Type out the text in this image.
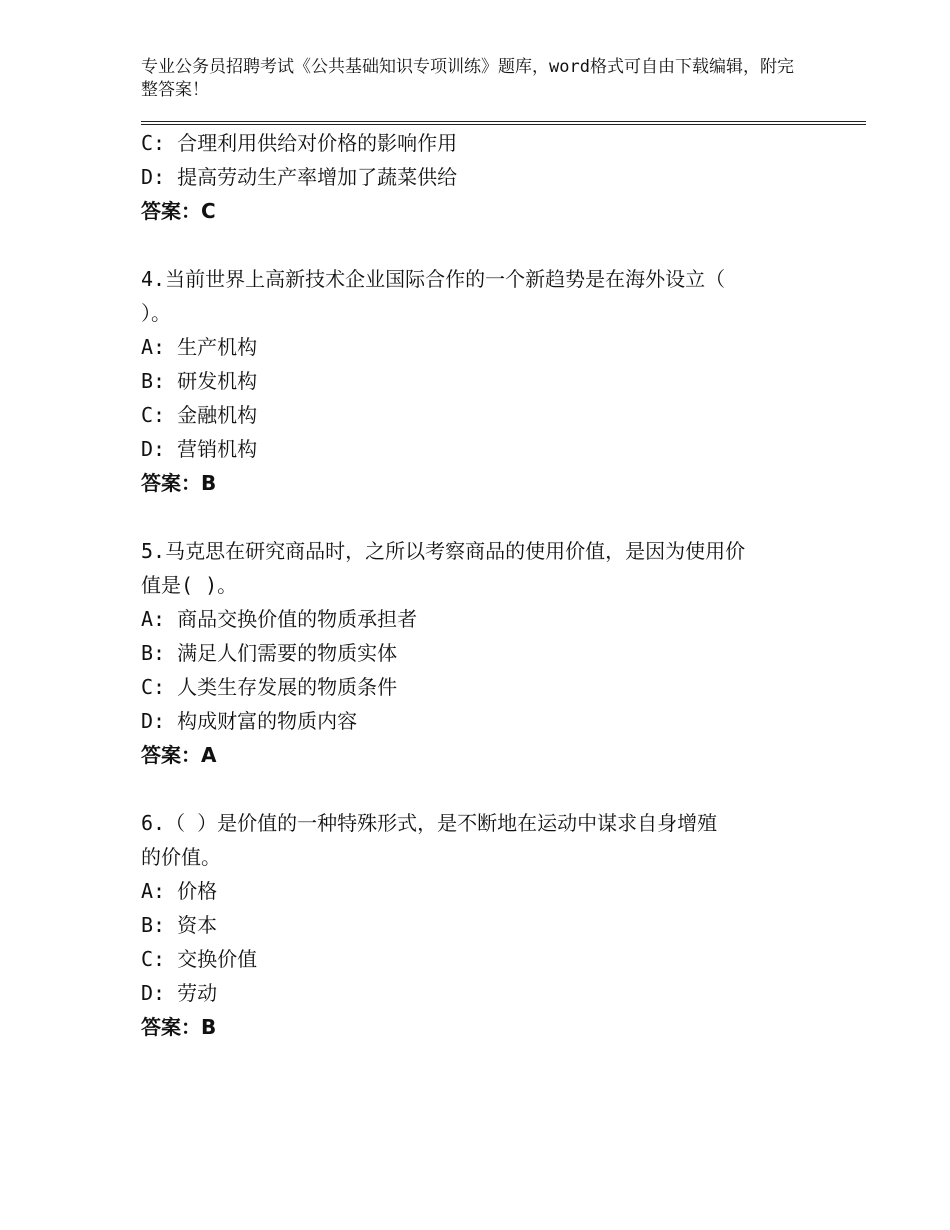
专业公务员招聘考试《公共基础知识专项训练》题库，word格式可自由下载编辑，附完整答案！
C: 合理利用供给对价格的影响作用
D: 提高劳动生产率增加了蔬菜供给
答案：C
4.当前世界上高新技术企业国际合作的一个新趋势是在海外设立（
）。
A: 生产机构
B: 研发机构
C: 金融机构
D: 营销机构
答案：B
5.马克思在研究商品时，之所以考察商品的使用价值，是因为使用价
值是( )。
A: 商品交换价值的物质承担者
B: 满足人们需要的物质实体
C: 人类生存发展的物质条件
D: 构成财富的物质内容
答案：A
6.（ ）是价值的一种特殊形式，是不断地在运动中谋求自身增殖
的价值。
A: 价格
B: 资本
C: 交换价值
D: 劳动
答案：B
